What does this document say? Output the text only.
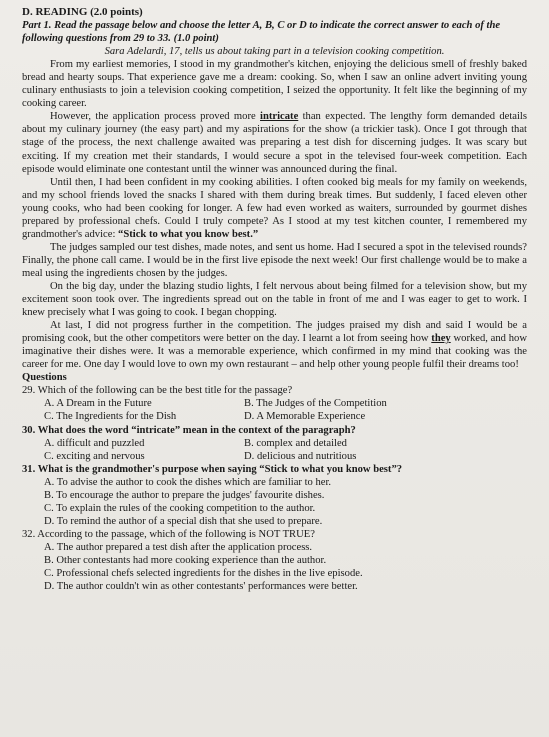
D. READING (2.0 points)
Part 1. Read the passage below and choose the letter A, B, C or D to indicate the correct answer to each of the following questions from 29 to 33. (1.0 point)
Sara Adelardi, 17, tells us about taking part in a television cooking competition.

From my earliest memories, I stood in my grandmother's kitchen, enjoying the delicious smell of freshly baked bread and hearty soups. That experience gave me a dream: cooking. So, when I saw an online advert inviting young culinary enthusiasts to join a television cooking competition, I seized the opportunity. It felt like the beginning of my cooking career.

However, the application process proved more intricate than expected. The lengthy form demanded details about my culinary journey (the easy part) and my aspirations for the show (a trickier task). Once I got through that stage of the process, the next challenge awaited was preparing a test dish for discerning judges. It was scary but exciting. If my creation met their standards, I would secure a spot in the televised four-week competition. Each episode would eliminate one contestant until the winner was announced during the final.

Until then, I had been confident in my cooking abilities. I often cooked big meals for my family on weekends, and my school friends loved the snacks I shared with them during break times. But suddenly, I faced eleven other young cooks, who had been cooking for longer. A few had even worked as waiters, surrounded by gourmet dishes prepared by professional chefs. Could I truly compete? As I stood at my test kitchen counter, I remembered my grandmother's advice: “Stick to what you know best.”

The judges sampled our test dishes, made notes, and sent us home. Had I secured a spot in the televised rounds? Finally, the phone call came. I would be in the first live episode the next week! Our first challenge would be to make a meal using the ingredients chosen by the judges.

On the big day, under the blazing studio lights, I felt nervous about being filmed for a television show, but my excitement soon took over. The ingredients spread out on the table in front of me and I was eager to get to work. I knew precisely what I was going to cook. I began chopping.

At last, I did not progress further in the competition. The judges praised my dish and said I would be a promising cook, but the other competitors were better on the day. I learnt a lot from seeing how they worked, and how imaginative their dishes were. It was a memorable experience, which confirmed in my mind that cooking was the career for me. One day I would love to own my own restaurant – and help other young people fulfil their dreams too!

Questions
29. Which of the following can be the best title for the passage?
A. A Dream in the Future	B. The Judges of the Competition
C. The Ingredients for the Dish	D. A Memorable Experience
30. What does the word “intricate” mean in the context of the paragraph?
A. difficult and puzzled	B. complex and detailed
C. exciting and nervous	D. delicious and nutritious
31. What is the grandmother's purpose when saying “Stick to what you know best”?
A. To advise the author to cook the dishes which are familiar to her.
B. To encourage the author to prepare the judges' favourite dishes.
C. To explain the rules of the cooking competition to the author.
D. To remind the author of a special dish that she used to prepare.
32. According to the passage, which of the following is NOT TRUE?
A. The author prepared a test dish after the application process.
B. Other contestants had more cooking experience than the author.
C. Professional chefs selected ingredients for the dishes in the live episode.
D. The author couldn't win as other contestants' performances were better.
